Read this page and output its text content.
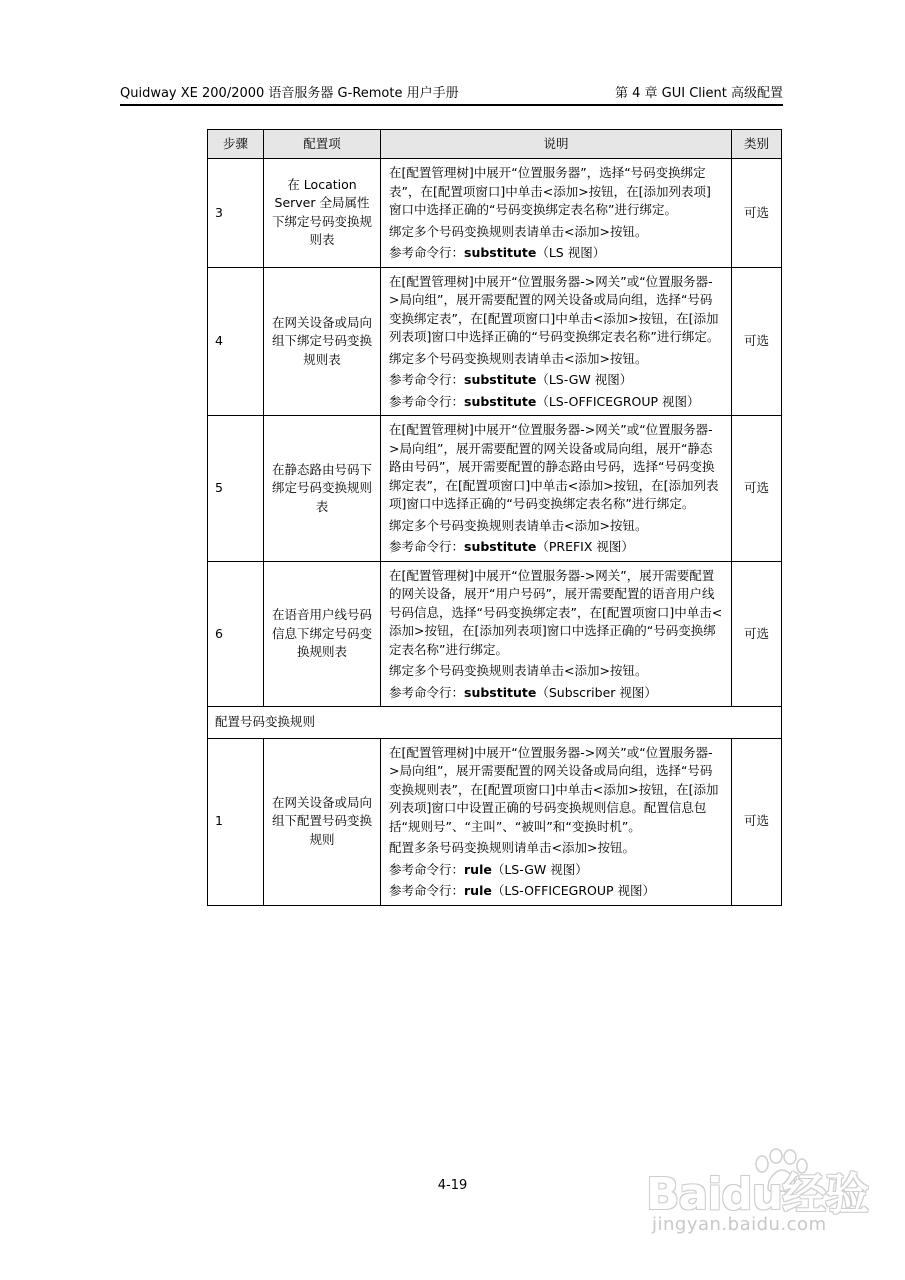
Quidway XE 200/2000 语音服务器 G-Remote 用户手册	第 4 章 GUI Client 高级配置
步骤	配置项	说明	类别
3	在 Location Server 全局属性下绑定号码变换规则表	在[配置管理树]中展开“位置服务器”，选择“号码变换绑定表”，在[配置项窗口]中单击<添加>按钮，在[添加列表项]窗口中选择正确的“号码变换绑定表名称”进行绑定。

绑定多个号码变换规则表请单击<添加>按钮。

参考命令行：substitute（LS 视图）	可选
4	在网关设备或局向组下绑定号码变换规则表	在[配置管理树]中展开“位置服务器->网关”或“位置服务器->局向组”，展开需要配置的网关设备或局向组，选择“号码变换绑定表”，在[配置项窗口]中单击<添加>按钮，在[添加列表项]窗口中选择正确的“号码变换绑定表名称”进行绑定。

绑定多个号码变换规则表请单击<添加>按钮。

参考命令行：substitute（LS-GW 视图）

参考命令行：substitute（LS-OFFICEGROUP 视图）	可选
5	在静态路由号码下绑定号码变换规则表	在[配置管理树]中展开“位置服务器->网关”或“位置服务器->局向组”，展开需要配置的网关设备或局向组，展开“静态路由号码”，展开需要配置的静态路由号码，选择“号码变换绑定表”，在[配置项窗口]中单击<添加>按钮，在[添加列表项]窗口中选择正确的“号码变换绑定表名称”进行绑定。

绑定多个号码变换规则表请单击<添加>按钮。

参考命令行：substitute（PREFIX 视图）	可选
6	在语音用户线号码信息下绑定号码变换规则表	在[配置管理树]中展开“位置服务器->网关”，展开需要配置的网关设备，展开“用户号码”，展开需要配置的语音用户线号码信息，选择“号码变换绑定表”，在[配置项窗口]中单击<添加>按钮，在[添加列表项]窗口中选择正确的“号码变换绑定表名称”进行绑定。

绑定多个号码变换规则表请单击<添加>按钮。

参考命令行：substitute（Subscriber 视图）	可选
配置号码变换规则			
1	在网关设备或局向组下配置号码变换规则	在[配置管理树]中展开“位置服务器->网关”或“位置服务器->局向组”，展开需要配置的网关设备或局向组，选择“号码变换规则表”，在[配置项窗口]中单击<添加>按钮，在[添加列表项]窗口中设置正确的号码变换规则信息。配置信息包括“规则号”、“主叫”、“被叫”和“变换时机”。

配置多条号码变换规则请单击<添加>按钮。

参考命令行：rule（LS-GW 视图）

参考命令行：rule（LS-OFFICEGROUP 视图）	可选
4-19	Baidu经验
jingyan.baidu.com
